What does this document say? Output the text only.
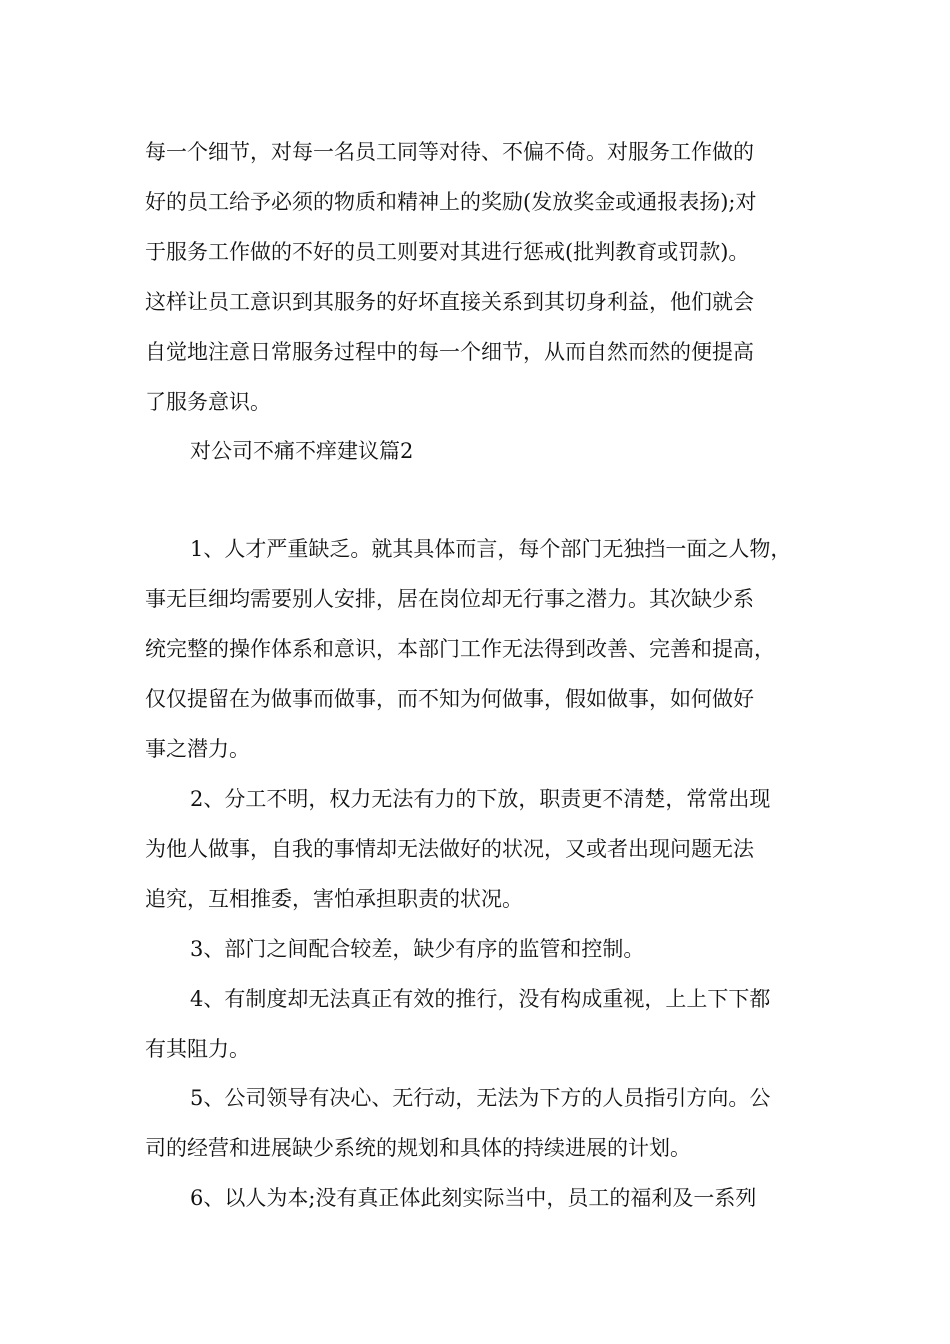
每一个细节，对每一名员工同等对待、不偏不倚。对服务工作做的
好的员工给予必须的物质和精神上的奖励(发放奖金或通报表扬);对
于服务工作做的不好的员工则要对其进行惩戒(批判教育或罚款)。
这样让员工意识到其服务的好坏直接关系到其切身利益，他们就会
自觉地注意日常服务过程中的每一个细节，从而自然而然的便提高
了服务意识。
对公司不痛不痒建议篇2
1、人才严重缺乏。就其具体而言，每个部门无独挡一面之人物，
事无巨细均需要别人安排，居在岗位却无行事之潜力。其次缺少系
统完整的操作体系和意识，本部门工作无法得到改善、完善和提高，
仅仅提留在为做事而做事，而不知为何做事，假如做事，如何做好
事之潜力。
2、分工不明，权力无法有力的下放，职责更不清楚，常常出现
为他人做事，自我的事情却无法做好的状况，又或者出现问题无法
追究，互相推委，害怕承担职责的状况。
3、部门之间配合较差，缺少有序的监管和控制。
4、有制度却无法真正有效的推行，没有构成重视，上上下下都
有其阻力。
5、公司领导有决心、无行动，无法为下方的人员指引方向。公
司的经营和进展缺少系统的规划和具体的持续进展的计划。
6、以人为本;没有真正体此刻实际当中，员工的福利及一系列
